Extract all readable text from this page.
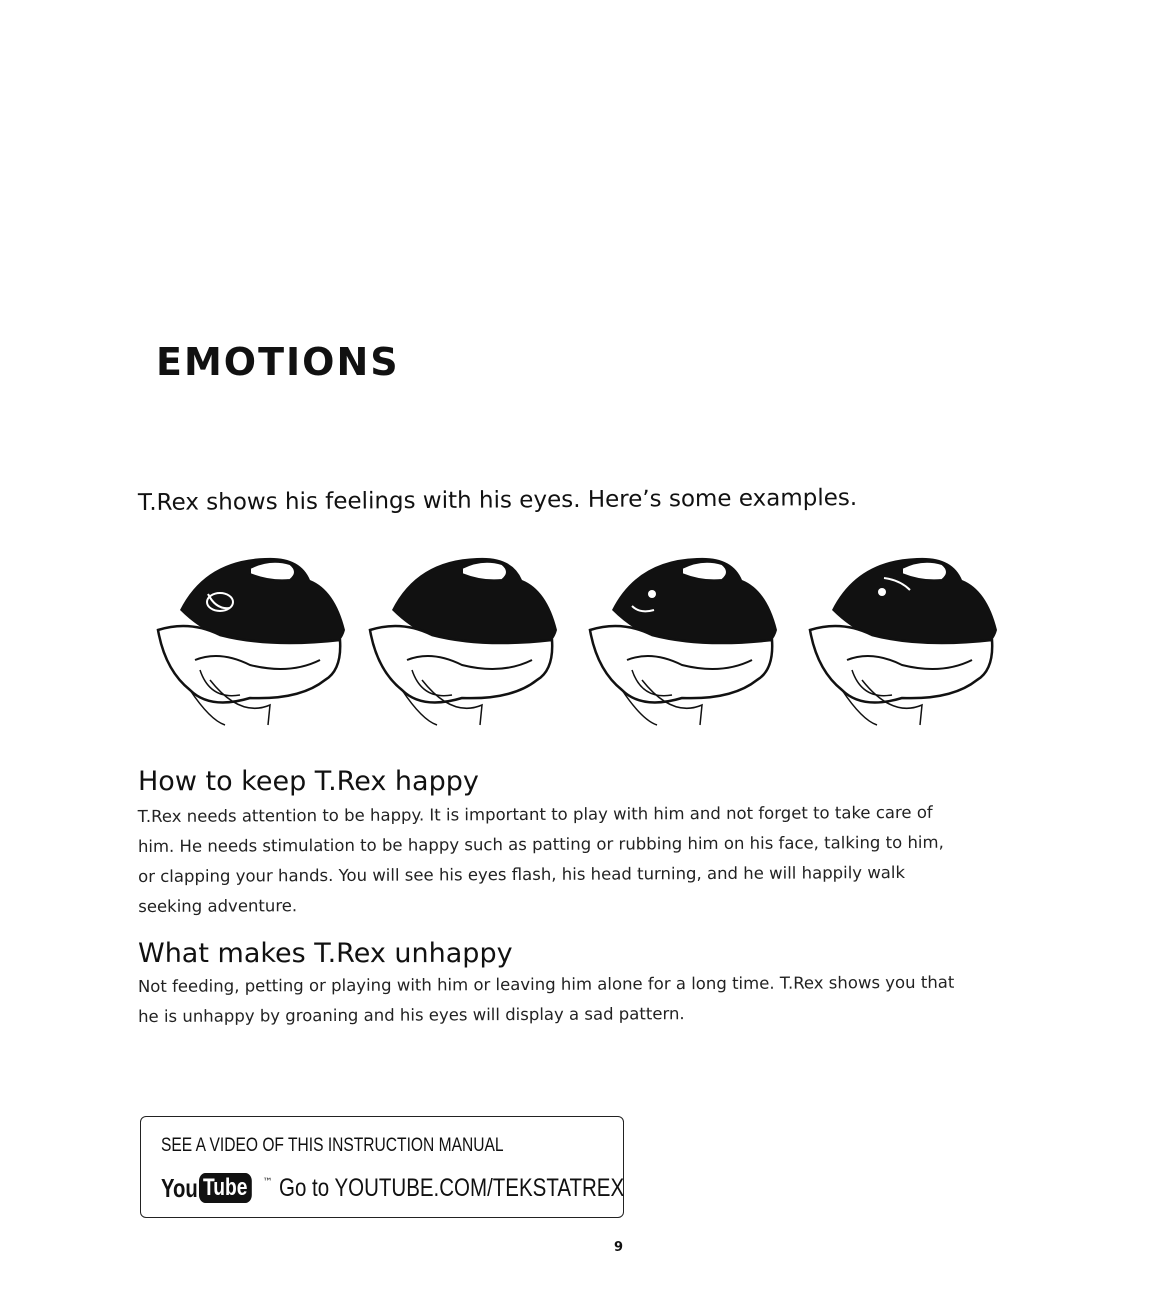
EMOTIONS
T.Rex shows his feelings with his eyes. Here’s some examples.
How to keep T.Rex happy
T.Rex needs attention to be happy. It is important to play with him and not forget to take care of
him. He needs stimulation to be happy such as patting or rubbing him on his face, talking to him,
or clapping your hands. You will see his eyes flash, his head turning, and he will happily walk
seeking adventure.
What makes T.Rex unhappy
Not feeding, petting or playing with him or leaving him alone for a long time. T.Rex shows you that
he is unhappy by groaning and his eyes will display a sad pattern.
SEE A VIDEO OF THIS INSTRUCTION MANUAL
You Tube	™ Go to YOUTUBE.COM/TEKSTATREX
9
